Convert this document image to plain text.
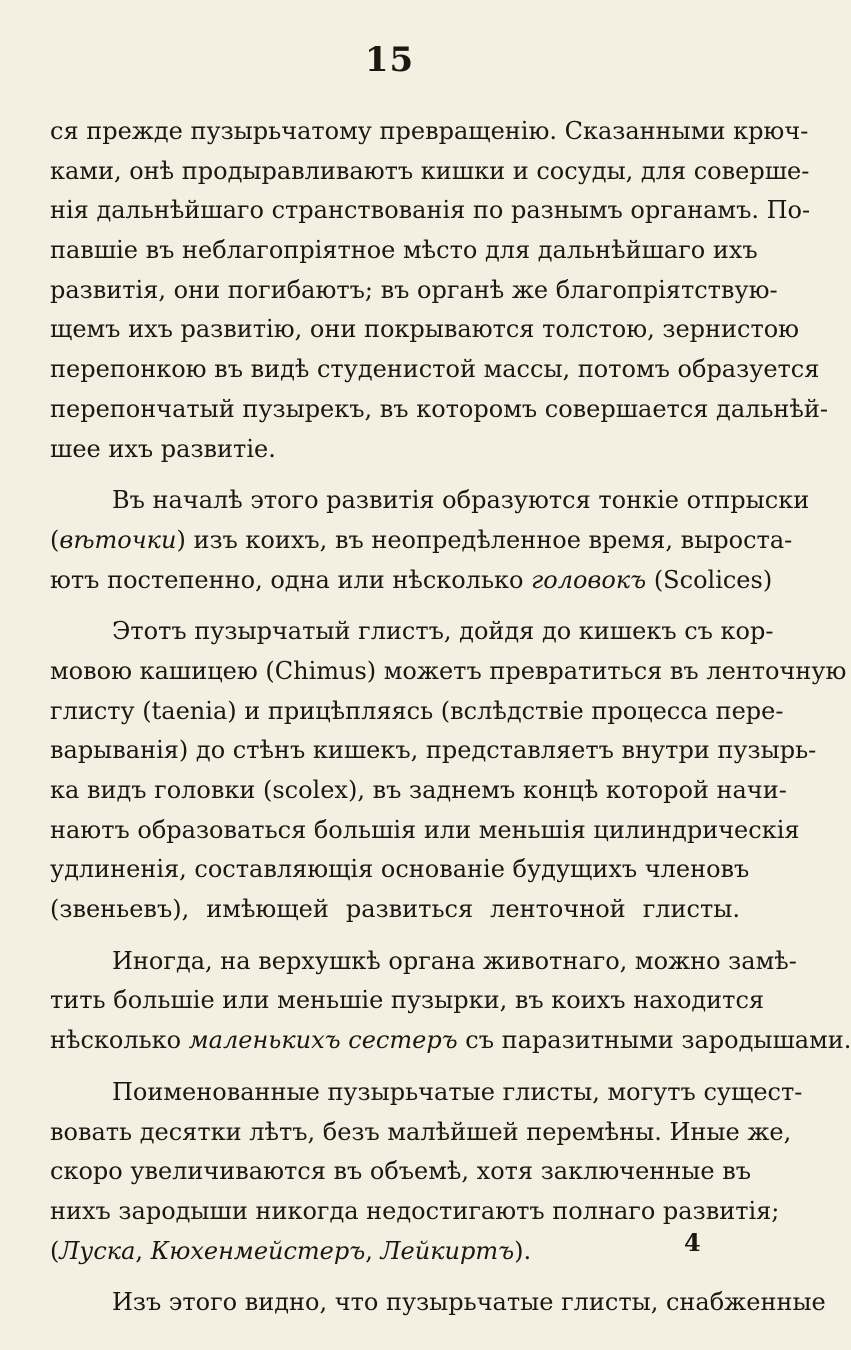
15
ся прежде пузырьчатому превращенію. Сказанными крюч-
ками, онѣ продыравливаютъ кишки и сосуды, для соверше-
нія дальнѣйшаго странствованія по разнымъ органамъ. По-
павшіе въ неблагопріятное мѣсто для дальнѣйшаго ихъ
развитія, они погибаютъ; въ органѣ же благопріятствую-
щемъ ихъ развитію, они покрываются толстою, зернистою
перепонкою въ видѣ студенистой массы, потомъ образуется
перепончатый пузырекъ, въ которомъ совершается дальнѣй-
шее ихъ развитіе.
Въ началѣ этого развитія образуются тонкіе отпрыски
(вѣточки) изъ коихъ, въ неопредѣленное время, выроста-
ютъ постепенно, одна или нѣсколько головокъ (Scolices)
Этотъ пузырчатый глистъ, дойдя до кишекъ съ кор-
мовою кашицею (Chimus) можетъ превратиться въ ленточную
глисту (taenia) и прицѣпляясь (вслѣдствіе процесса пере-
варыванія) до стѣнъ кишекъ, представляетъ внутри пузырь-
ка видъ головки (scolex), въ заднемъ концѣ которой начи-
наютъ образоваться большія или меньшія цилиндрическія
удлиненія, составляющія основаніе будущихъ членовъ
(звеньевъ), имѣющей развиться ленточной глисты.
Иногда, на верхушкѣ органа животнаго, можно замѣ-
тить большіе или меньшіе пузырки, въ коихъ находится
нѣсколько маленькихъ сестеръ съ паразитными зародышами.
Поименованные пузырьчатые глисты, могутъ сущест-
вовать десятки лѣтъ, безъ малѣйшей перемѣны. Иные же,
скоро увеличиваются въ объемѣ, хотя заключенные въ
нихъ зародыши никогда недостигаютъ полнаго развитія;
(Луска, Кюхенмейстеръ, Лейкиртъ).
Изъ этого видно, что пузырьчатые глисты, снабженные
4
